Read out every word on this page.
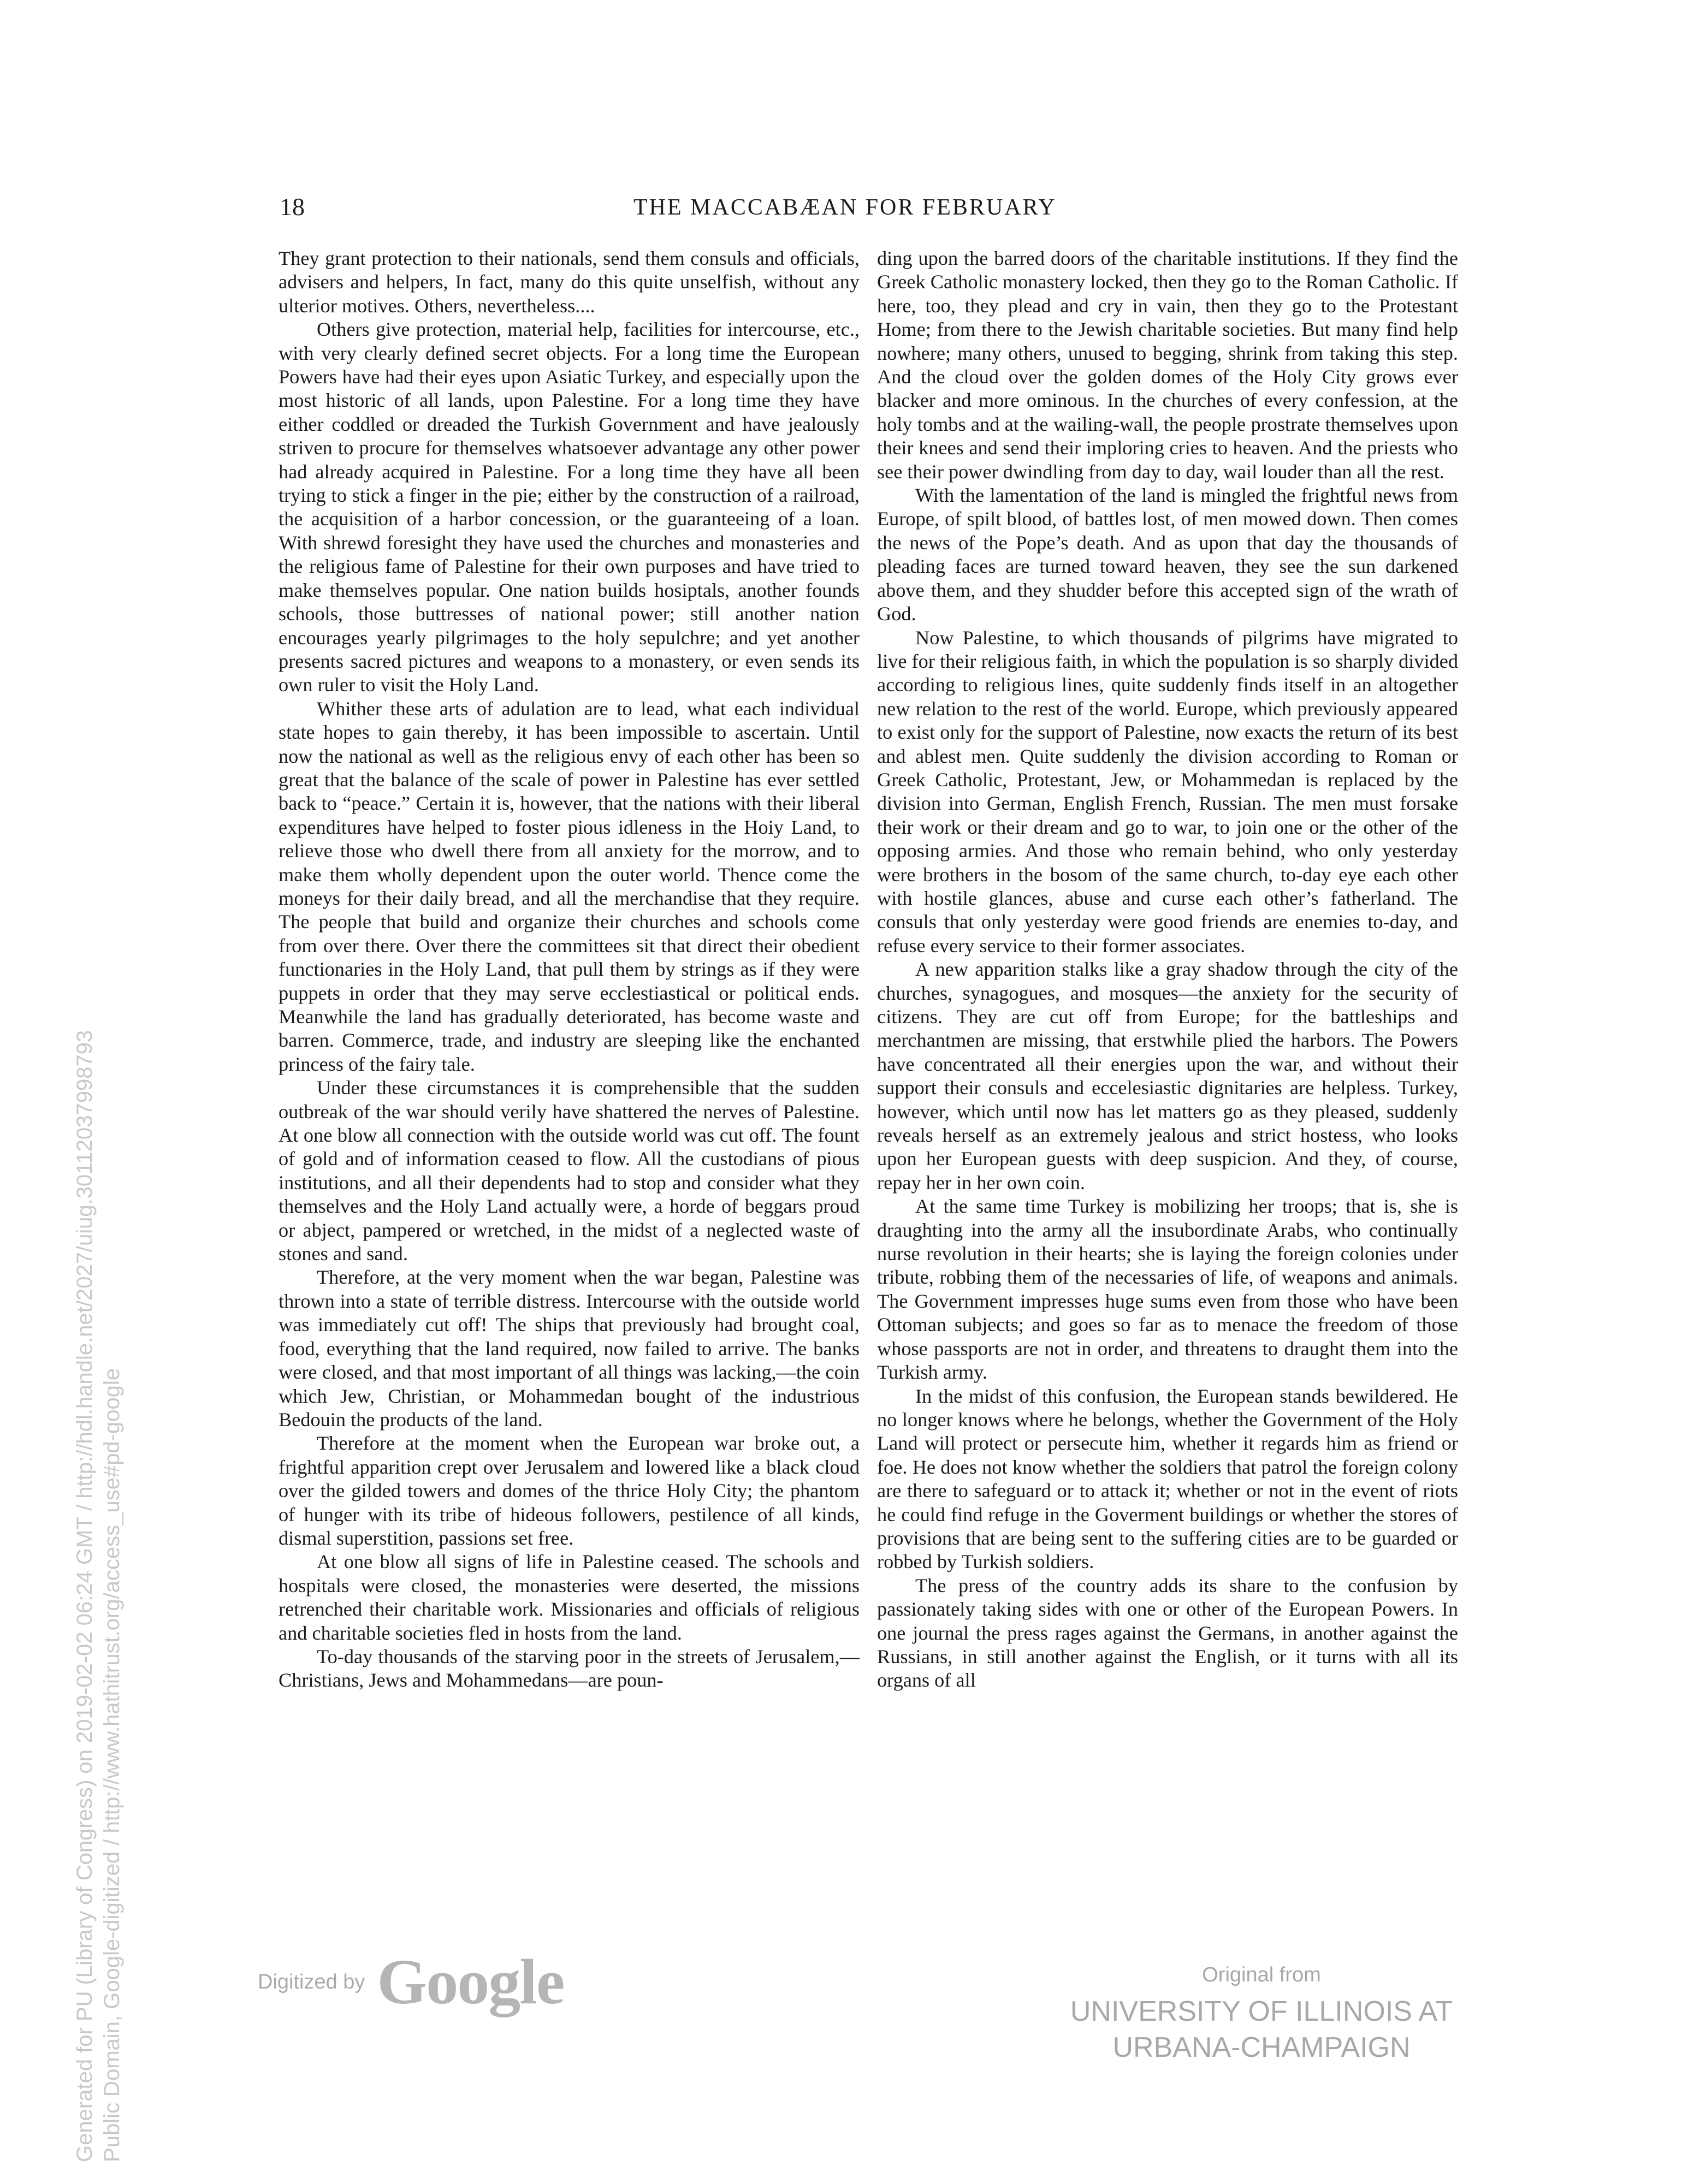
18	THE MACCABÆAN FOR FEBRUARY

They grant protection to their nationals, send them consuls and officials, advisers and helpers, In fact, many do this quite unselfish, without any ulterior motives. Others, nevertheless....

Others give protection, material help, facilities for intercourse, etc., with very clearly defined secret objects. For a long time the European Powers have had their eyes upon Asiatic Turkey, and especially upon the most historic of all lands, upon Palestine. For a long time they have either coddled or dreaded the Turkish Government and have jealously striven to procure for themselves whatsoever advantage any other power had already acquired in Palestine. For a long time they have all been trying to stick a finger in the pie; either by the construction of a railroad, the acquisition of a harbor concession, or the guaranteeing of a loan. With shrewd foresight they have used the churches and monasteries and the religious fame of Palestine for their own purposes and have tried to make themselves popular. One nation builds hosiptals, another founds schools, those buttresses of national power; still another nation encourages yearly pilgrimages to the holy sepulchre; and yet another presents sacred pictures and weapons to a monastery, or even sends its own ruler to visit the Holy Land.

Whither these arts of adulation are to lead, what each individual state hopes to gain thereby, it has been impossible to ascertain. Until now the national as well as the religious envy of each other has been so great that the balance of the scale of power in Palestine has ever settled back to “peace.” Certain it is, however, that the nations with their liberal expenditures have helped to foster pious idleness in the Hoiy Land, to relieve those who dwell there from all anxiety for the morrow, and to make them wholly dependent upon the outer world. Thence come the moneys for their daily bread, and all the merchandise that they require. The people that build and organize their churches and schools come from over there. Over there the committees sit that direct their obedient functionaries in the Holy Land, that pull them by strings as if they were puppets in order that they may serve ecclestiastical or political ends. Meanwhile the land has gradually deteriorated, has become waste and barren. Commerce, trade, and industry are sleeping like the enchanted princess of the fairy tale.

Under these circumstances it is comprehensible that the sudden outbreak of the war should verily have shattered the nerves of Palestine. At one blow all connection with the outside world was cut off. The fount of gold and of information ceased to flow. All the custodians of pious institutions, and all their dependents had to stop and consider what they themselves and the Holy Land actually were, a horde of beggars proud or abject, pampered or wretched, in the midst of a neglected waste of stones and sand.

Therefore, at the very moment when the war began, Palestine was thrown into a state of terrible distress. Intercourse with the outside world was immediately cut off! The ships that previously had brought coal, food, everything that the land required, now failed to arrive. The banks were closed, and that most important of all things was lacking,—the coin which Jew, Christian, or Mohammedan bought of the industrious Bedouin the products of the land.

Therefore at the moment when the European war broke out, a frightful apparition crept over Jerusalem and lowered like a black cloud over the gilded towers and domes of the thrice Holy City; the phantom of hunger with its tribe of hideous followers, pestilence of all kinds, dismal superstition, passions set free.

At one blow all signs of life in Palestine ceased. The schools and hospitals were closed, the monasteries were deserted, the missions retrenched their charitable work. Missionaries and officials of religious and charitable societies fled in hosts from the land.

To-day thousands of the starving poor in the streets of Jerusalem,—Christians, Jews and Mohammedans—are poun-

ding upon the barred doors of the charitable institutions. If they find the Greek Catholic monastery locked, then they go to the Roman Catholic. If here, too, they plead and cry in vain, then they go to the Protestant Home; from there to the Jewish charitable societies. But many find help nowhere; many others, unused to begging, shrink from taking this step. And the cloud over the golden domes of the Holy City grows ever blacker and more ominous. In the churches of every confession, at the holy tombs and at the wailing-wall, the people prostrate themselves upon their knees and send their imploring cries to heaven. And the priests who see their power dwindling from day to day, wail louder than all the rest.

With the lamentation of the land is mingled the frightful news from Europe, of spilt blood, of battles lost, of men mowed down. Then comes the news of the Pope’s death. And as upon that day the thousands of pleading faces are turned toward heaven, they see the sun darkened above them, and they shudder before this accepted sign of the wrath of God.

Now Palestine, to which thousands of pilgrims have migrated to live for their religious faith, in which the population is so sharply divided according to religious lines, quite suddenly finds itself in an altogether new relation to the rest of the world. Europe, which previously appeared to exist only for the support of Palestine, now exacts the return of its best and ablest men. Quite suddenly the division according to Roman or Greek Catholic, Protestant, Jew, or Mohammedan is replaced by the division into German, English French, Russian. The men must forsake their work or their dream and go to war, to join one or the other of the opposing armies. And those who remain behind, who only yesterday were brothers in the bosom of the same church, to-day eye each other with hostile glances, abuse and curse each other’s fatherland. The consuls that only yesterday were good friends are enemies to-day, and refuse every service to their former associates.

A new apparition stalks like a gray shadow through the city of the churches, synagogues, and mosques—the anxiety for the security of citizens. They are cut off from Europe; for the battleships and merchantmen are missing, that erstwhile plied the harbors. The Powers have concentrated all their energies upon the war, and without their support their consuls and eccelesiastic dignitaries are helpless. Turkey, however, which until now has let matters go as they pleased, suddenly reveals herself as an extremely jealous and strict hostess, who looks upon her European guests with deep suspicion. And they, of course, repay her in her own coin.

At the same time Turkey is mobilizing her troops; that is, she is draughting into the army all the insubordinate Arabs, who continually nurse revolution in their hearts; she is laying the foreign colonies under tribute, robbing them of the necessaries of life, of weapons and animals. The Government impresses huge sums even from those who have been Ottoman subjects; and goes so far as to menace the freedom of those whose passports are not in order, and threatens to draught them into the Turkish army.

In the midst of this confusion, the European stands bewildered. He no longer knows where he belongs, whether the Government of the Holy Land will protect or persecute him, whether it regards him as friend or foe. He does not know whether the soldiers that patrol the foreign colony are there to safeguard or to attack it; whether or not in the event of riots he could find refuge in the Goverment buildings or whether the stores of provisions that are being sent to the suffering cities are to be guarded or robbed by Turkish soldiers.

The press of the country adds its share to the confusion by passionately taking sides with one or other of the European Powers. In one journal the press rages against the Germans, in another against the Russians, in still another against the English, or it turns with all its organs of all

Generated for PU (Library of Congress) on 2019-02-02 06:24 GMT / http://hdl.handle.net/2027/uiug.30112037998793 Public Domain, Google-digitized / http://www.hathitrust.org/access_use#pd-google	Digitized by Google	Original from
UNIVERSITY OF ILLINOIS AT
URBANA-CHAMPAIGN
